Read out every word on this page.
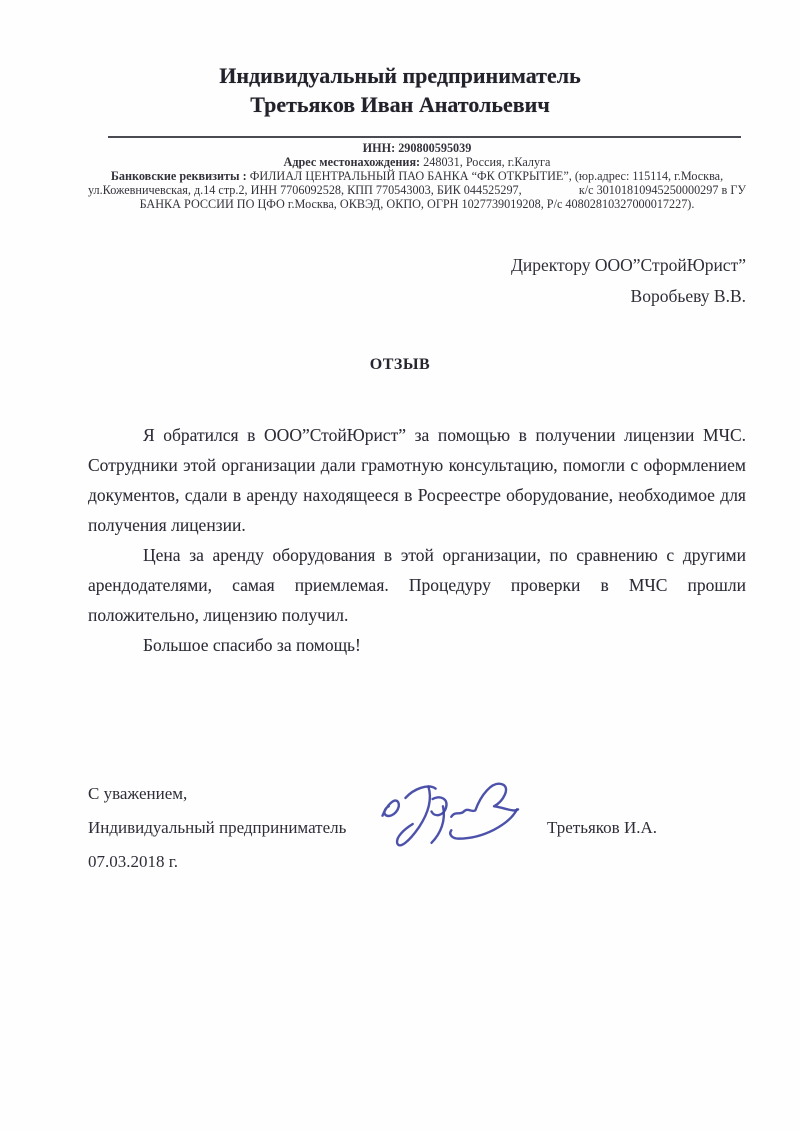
Индивидуальный предприниматель
Третьяков Иван Анатольевич
ИНН: 290800595039
Адрес местонахождения: 248031, Россия, г.Калуга
Банковские реквизиты : ФИЛИАЛ ЦЕНТРАЛЬНЫЙ ПАО БАНКА “ФК ОТКРЫТИЕ”, (юр.адрес: 115114, г.Москва,
ул.Кожевничевская, д.14 стр.2, ИНН 7706092528, КПП 770543003, БИК 044525297,	к/с 30101810945250000297 в ГУ
БАНКА РОССИИ ПО ЦФО г.Москва, ОКВЭД, ОКПО, ОГРН 1027739019208, Р/с 40802810327000017227).
Директору ООО”СтройЮрист”
Воробьеву В.В.
ОТЗЫВ

Я обратился в ООО”СтойЮрист” за помощью в получении лицензии МЧС. Сотрудники этой организации дали грамотную консультацию, помогли с оформлением документов, сдали в аренду находящееся в Росреестре оборудование, необходимое для получения лицензии.

Цена за аренду оборудования в этой организации, по сравнению с другими арендодателями, самая приемлемая. Процедуру проверки в МЧС прошли положительно, лицензию получил.

Большое спасибо за помощь!

С уважением,
Индивидуальный предприниматель
07.03.2018 г.
Третьяков И.А.
